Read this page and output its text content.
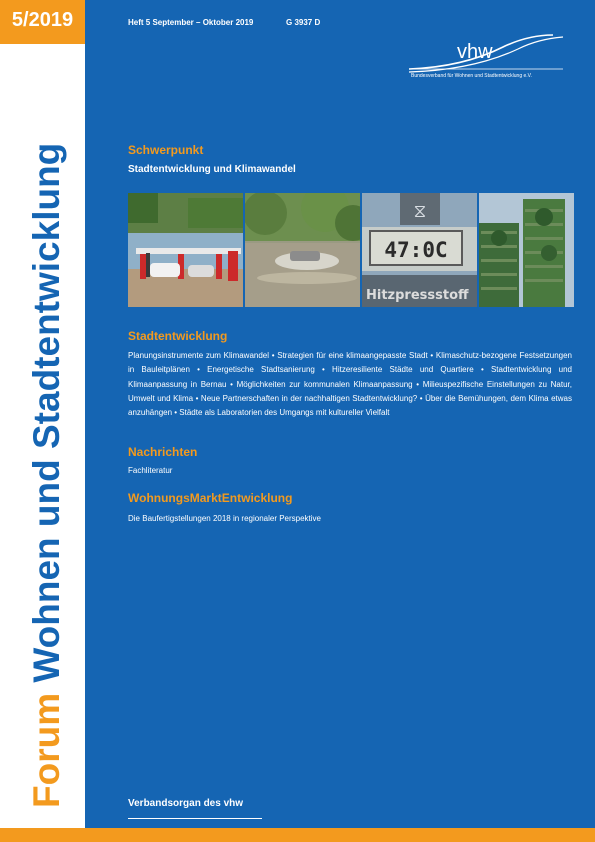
5/2019
Forum Wohnen und Stadtentwicklung
Heft 5 September – Oktober 2019	G 3937 D
vhw
Bundesverband für Wohnen und Stadtentwicklung e.V.
Schwerpunkt
Stadtentwicklung und Klimawandel
⧖
47:0C
Hitzpressstoff
Stadtentwicklung
Planungsinstrumente zum Klimawandel • Strategien für eine klimaangepasste Stadt • Klimaschutz-bezogene Festsetzungen in Bauleitplänen • Energetische Stadtsanierung • Hitzeresiliente Städte und Quartiere • Stadtentwicklung und Klimaanpassung in Bernau • Möglichkeiten zur kommunalen Klimaanpassung • Milieuspezifische Einstellungen zu Natur, Umwelt und Klima • Neue Partnerschaften in der nachhaltigen Stadtentwicklung? • Über die Bemühungen, dem Klima etwas anzuhängen • Städte als Laboratorien des Umgangs mit kultureller Vielfalt
Nachrichten
Fachliteratur
WohnungsMarktEntwicklung
Die Baufertigstellungen 2018 in regionaler Perspektive
Verbandsorgan des vhw
